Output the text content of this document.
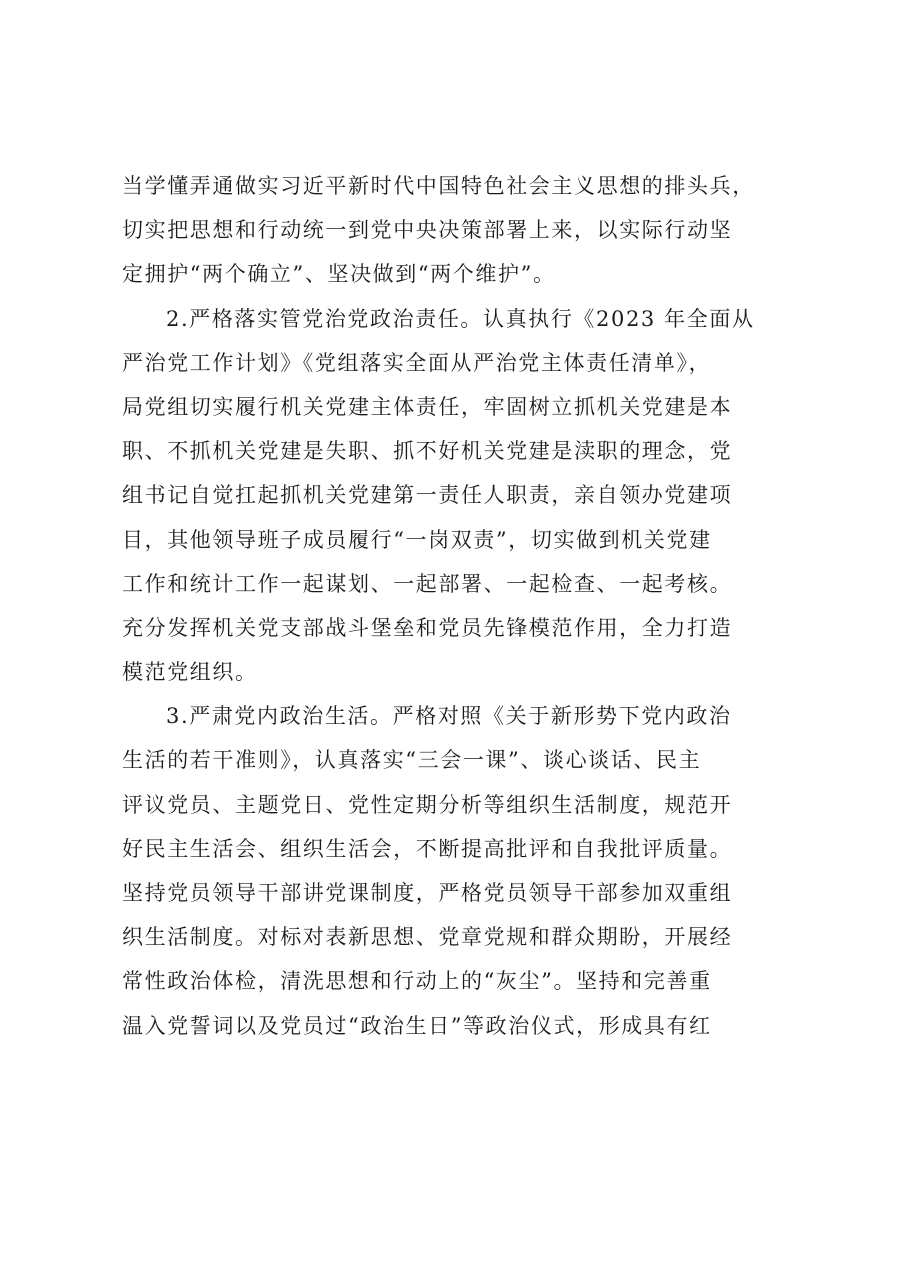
当学懂弄通做实习近平新时代中国特色社会主义思想的排头兵，
切实把思想和行动统一到党中央决策部署上来，以实际行动坚
定拥护“两个确立”、坚决做到“两个维护”。
2.严格落实管党治党政治责任。认真执行《2023 年全面从
严治党工作计划》《党组落实全面从严治党主体责任清单》，
局党组切实履行机关党建主体责任，牢固树立抓机关党建是本
职、不抓机关党建是失职、抓不好机关党建是渎职的理念，党
组书记自觉扛起抓机关党建第一责任人职责，亲自领办党建项
目，其他领导班子成员履行“一岗双责”，切实做到机关党建
工作和统计工作一起谋划、一起部署、一起检查、一起考核。
充分发挥机关党支部战斗堡垒和党员先锋模范作用，全力打造
模范党组织。
3.严肃党内政治生活。严格对照《关于新形势下党内政治
生活的若干准则》，认真落实“三会一课”、谈心谈话、民主
评议党员、主题党日、党性定期分析等组织生活制度，规范开
好民主生活会、组织生活会，不断提高批评和自我批评质量。
坚持党员领导干部讲党课制度，严格党员领导干部参加双重组
织生活制度。对标对表新思想、党章党规和群众期盼，开展经
常性政治体检，清洗思想和行动上的“灰尘”。坚持和完善重
温入党誓词以及党员过“政治生日”等政治仪式，形成具有红
